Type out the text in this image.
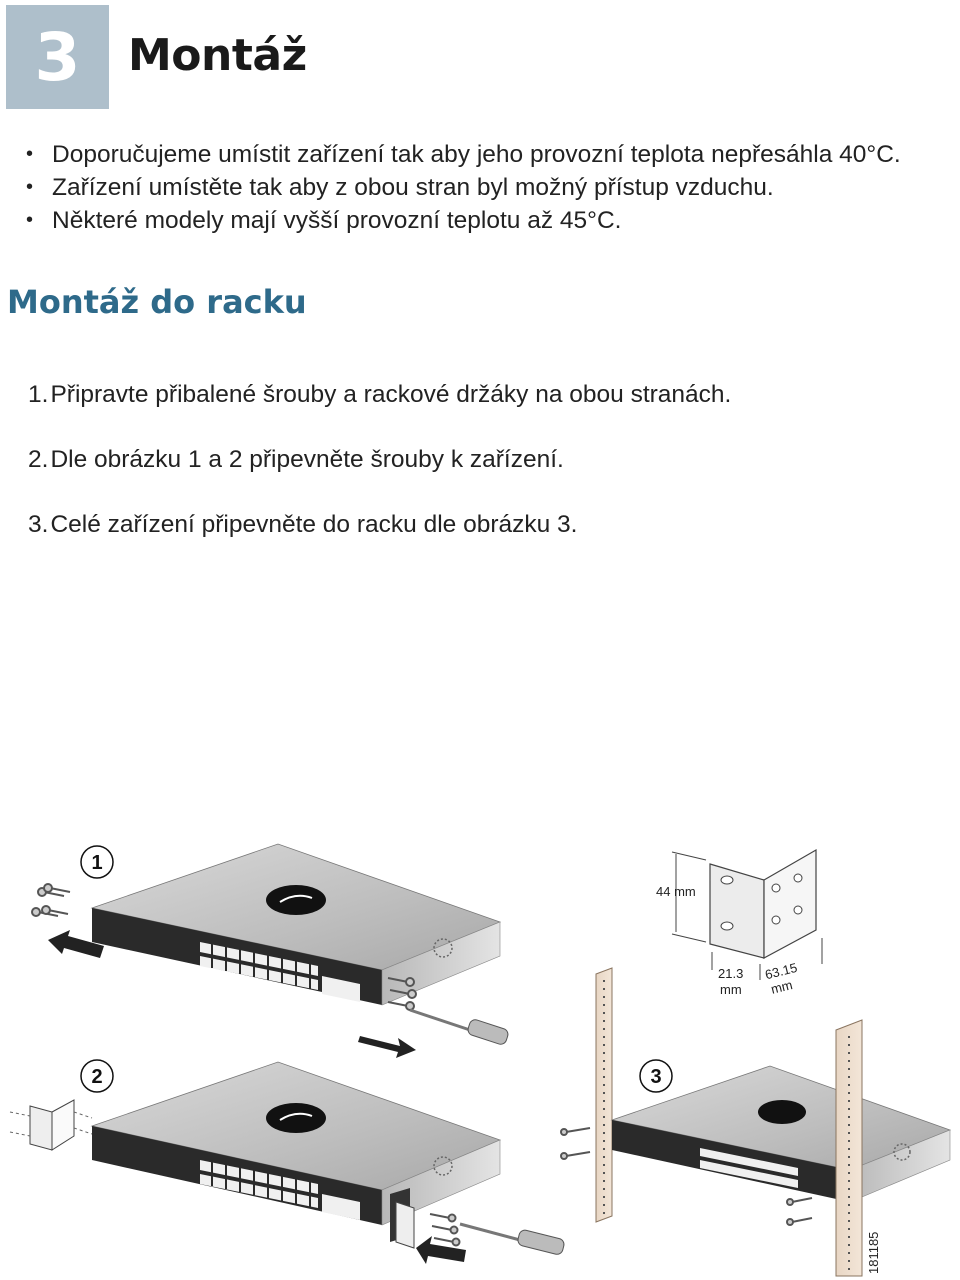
3 Montáž
• Doporučujeme umístit zařízení tak aby jeho provozní teplota nepřesáhla 40°C.
• Zařízení umístěte tak aby z obou stran byl možný přístup vzduchu.
• Některé modely mají vyšší provozní teplotu až 45°C.
Montáž do racku
1.Připravte přibalené šrouby a rackové držáky na obou stranách.
2.Dle obrázku 1 a 2 připevněte šrouby k zařízení.
3.Celé zařízení připevněte do racku dle obrázku 3.
1
44 mm
21.3
mm
63.15
mm
2	3
181185
